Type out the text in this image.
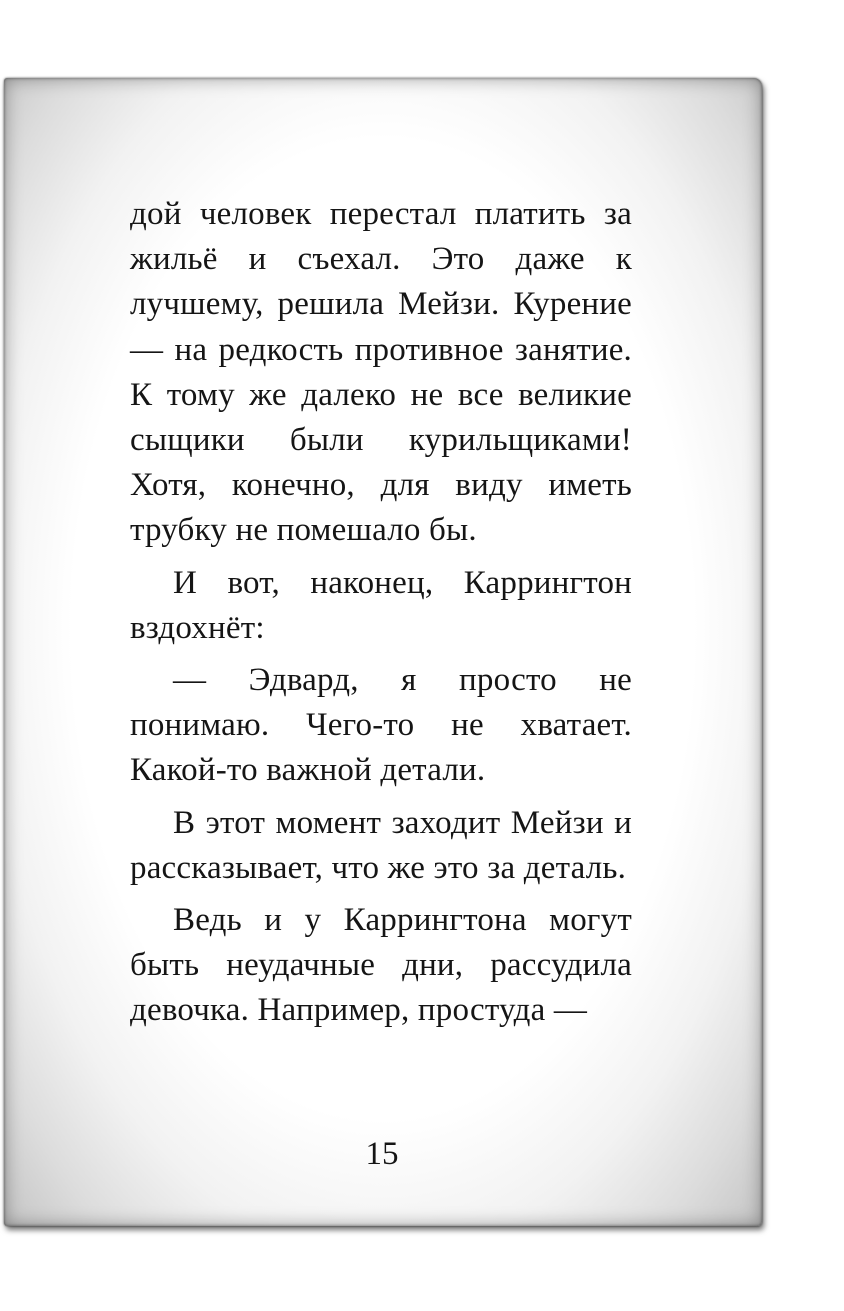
дой человек перестал платить за жильё и съехал. Это даже к лучшему, решила Мейзи. Курение — на редкость противное занятие. К тому же далеко не все великие сыщики были курильщиками! Хотя, конечно, для виду иметь трубку не помешало бы.

И вот, наконец, Каррингтон вздохнёт:

— Эдвард, я просто не понимаю. Чего-то не хватает. Какой-то важной детали.

В этот момент заходит Мейзи и рассказывает, что же это за деталь.

Ведь и у Каррингтона могут быть неудачные дни, рассудила девочка. Например, простуда —

15
